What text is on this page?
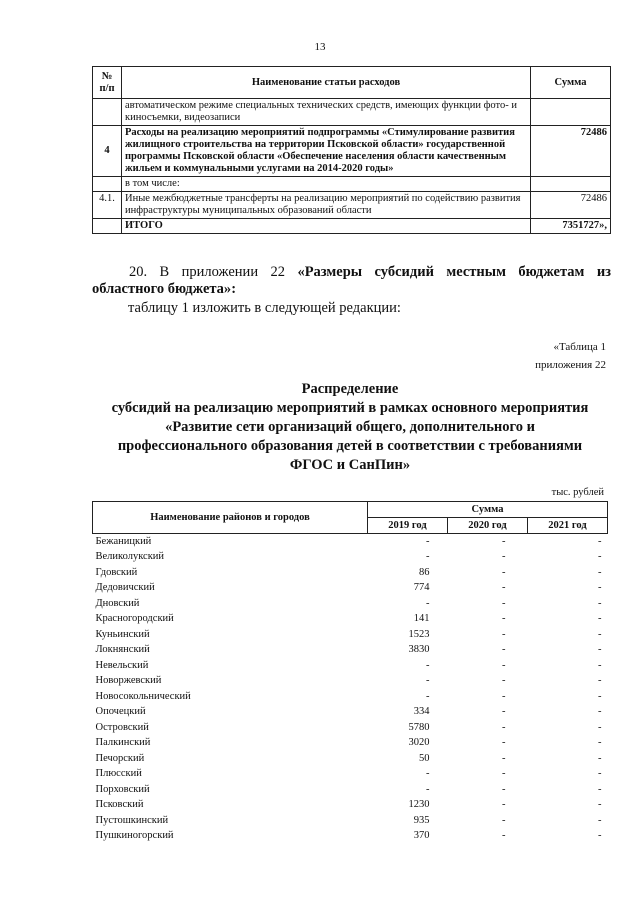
13
№
п/п	Наименование статьи расходов	Сумма
	автоматическом режиме специальных технических средств, имеющих функции фото- и киносъемки, видеозаписи	
4	Расходы на реализацию мероприятий подпрограммы «Стимулирование развития жилищного строительства на территории Псковской области» государственной программы Псковской области «Обеспечение населения области качественным жильем и коммунальными услугами на 2014-2020 годы»	72486
	в том числе:	
4.1.	Иные межбюджетные трансферты на реализацию мероприятий по содействию развития инфраструктуры муниципальных образований области	72486
	ИТОГО	7351727»,
20. В приложении 22 «Размеры субсидий местным бюджетам из областного бюджета»:
таблицу 1 изложить в следующей редакции:
«Таблица 1
приложения 22
Распределение
субсидий на реализацию мероприятий в рамках основного мероприятия
«Развитие сети организаций общего, дополнительного и
профессионального образования детей в соответствии с требованиями
ФГОС и СанПин»
тыс. рублей
Наименование районов и городов	Сумма		
	2019 год	2020 год	2021 год
Бежаницкий	-	-	-
Великолукский	-	-	-
Гдовский	86	-	-
Дедовичский	774	-	-
Дновский	-	-	-
Красногородский	141	-	-
Куньинский	1523	-	-
Локнянский	3830	-	-
Невельский	-	-	-
Новоржевский	-	-	-
Новосокольнический	-	-	-
Опочецкий	334	-	-
Островский	5780	-	-
Палкинский	3020	-	-
Печорский	50	-	-
Плюсский	-	-	-
Порховский	-	-	-
Псковский	1230	-	-
Пустошкинский	935	-	-
Пушкиногорский	370	-	-
